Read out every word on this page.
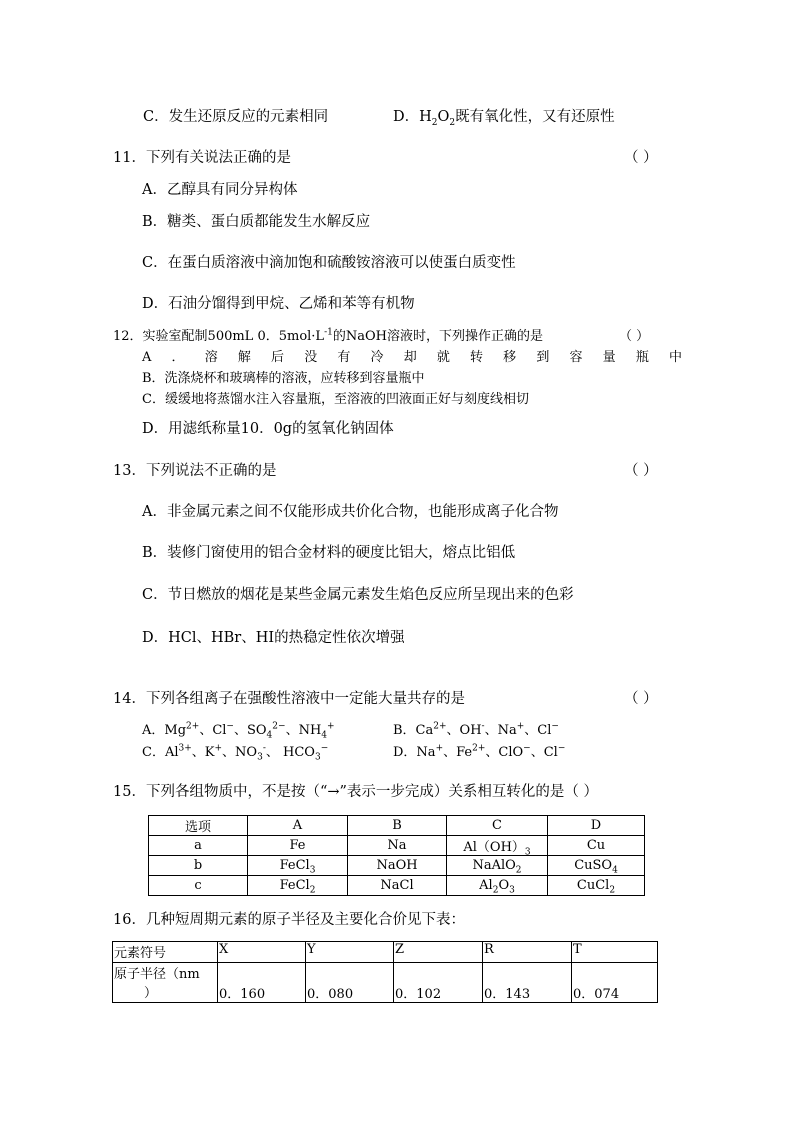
C．发生还原反应的元素相同	D．$H_2O_2$既有氧化性，又有还原性
11．下列有关说法正确的是	（ ）
A．乙醇具有同分异构体
B．糖类、蛋白质都能发生水解反应
C．在蛋白质溶液中滴加饱和硫酸铵溶液可以使蛋白质变性
D．石油分馏得到甲烷、乙烯和苯等有机物
12．实验室配制500mL 0．$5mol\cdot L^{-1}$的NaOH溶液时，下列操作正确的是	（ ）
A．溶解后没有冷却就转移到容量瓶中
B．洗涤烧杯和玻璃棒的溶液，应转移到容量瓶中
C．缓缓地将蒸馏水注入容量瓶，至溶液的凹液面正好与刻度线相切
D．用滤纸称量10．0g的氢氧化钠固体
13．下列说法不正确的是	（ ）
A．非金属元素之间不仅能形成共价化合物，也能形成离子化合物
B．装修门窗使用的铝合金材料的硬度比铝大，熔点比铝低
C．节日燃放的烟花是某些金属元素发生焰色反应所呈现出来的色彩
D．HCl、HBr、HI的热稳定性依次增强
14．下列各组离子在强酸性溶液中一定能大量共存的是	（ ）
A．$Mg^{2+}$、Cl−、$SO_4^{2-}$、$NH_4^+$	B．$Ca^{2+}$、OH-、Na+、Cl−
C．$Al^{3+}$、K+、$NO_3^-$、 $HCO_3^-$	D．Na+、$Fe^{2+}$、ClO−、Cl−
15．下列各组物质中，不是按（“→”表示一步完成）关系相互转化的是（ ）
选项	A	B	C	D
a	Fe	Na	$Al(OH)_3$	Cu
b	FeCl$_3$	NaOH	NaAlO$_2$	CuSO$_4$
c	FeCl$_2$	NaCl	$Al_2O_3$	CuCl$_2$
16．几种短周期元素的原子半径及主要化合价见下表：
元素符号	X	Y	Z	R	T

原子半径（nm
）	0．160	0．080	0．102	0．143	0．074
